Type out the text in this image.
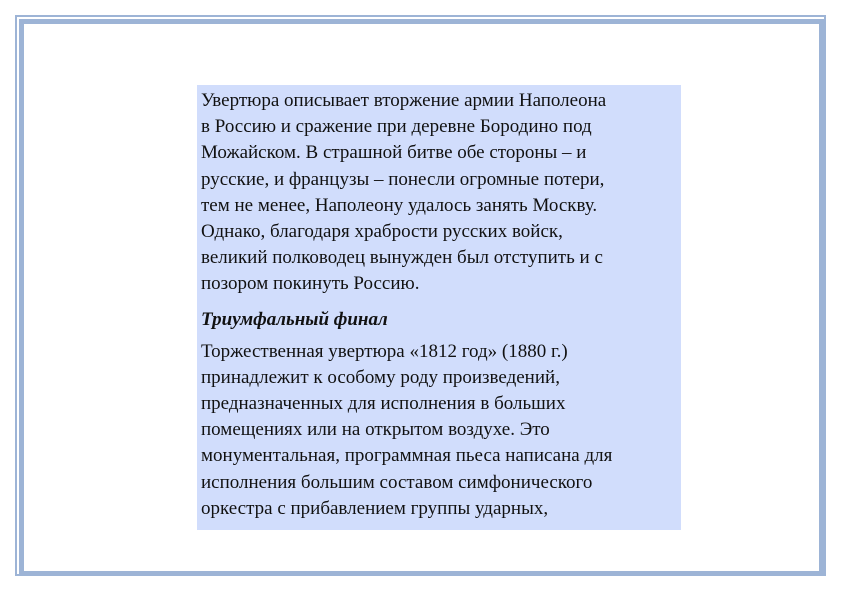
Увертюра описывает вторжение армии Наполеона
в Россию и сражение при деревне Бородино под
Можайском. В страшной битве обе стороны – и
русские, и французы – понесли огромные потери,
тем не менее, Наполеону удалось занять Москву.
Однако, благодаря храбрости русских войск,
великий полководец вынужден был отступить и с
позором покинуть Россию.
Триумфальный финал
Торжественная увертюра «1812 год» (1880 г.)
принадлежит к особому роду произведений,
предназначенных для исполнения в больших
помещениях или на открытом воздухе. Это
монументальная, программная пьеса написана для
исполнения большим составом симфонического
оркестра с прибавлением группы ударных,
